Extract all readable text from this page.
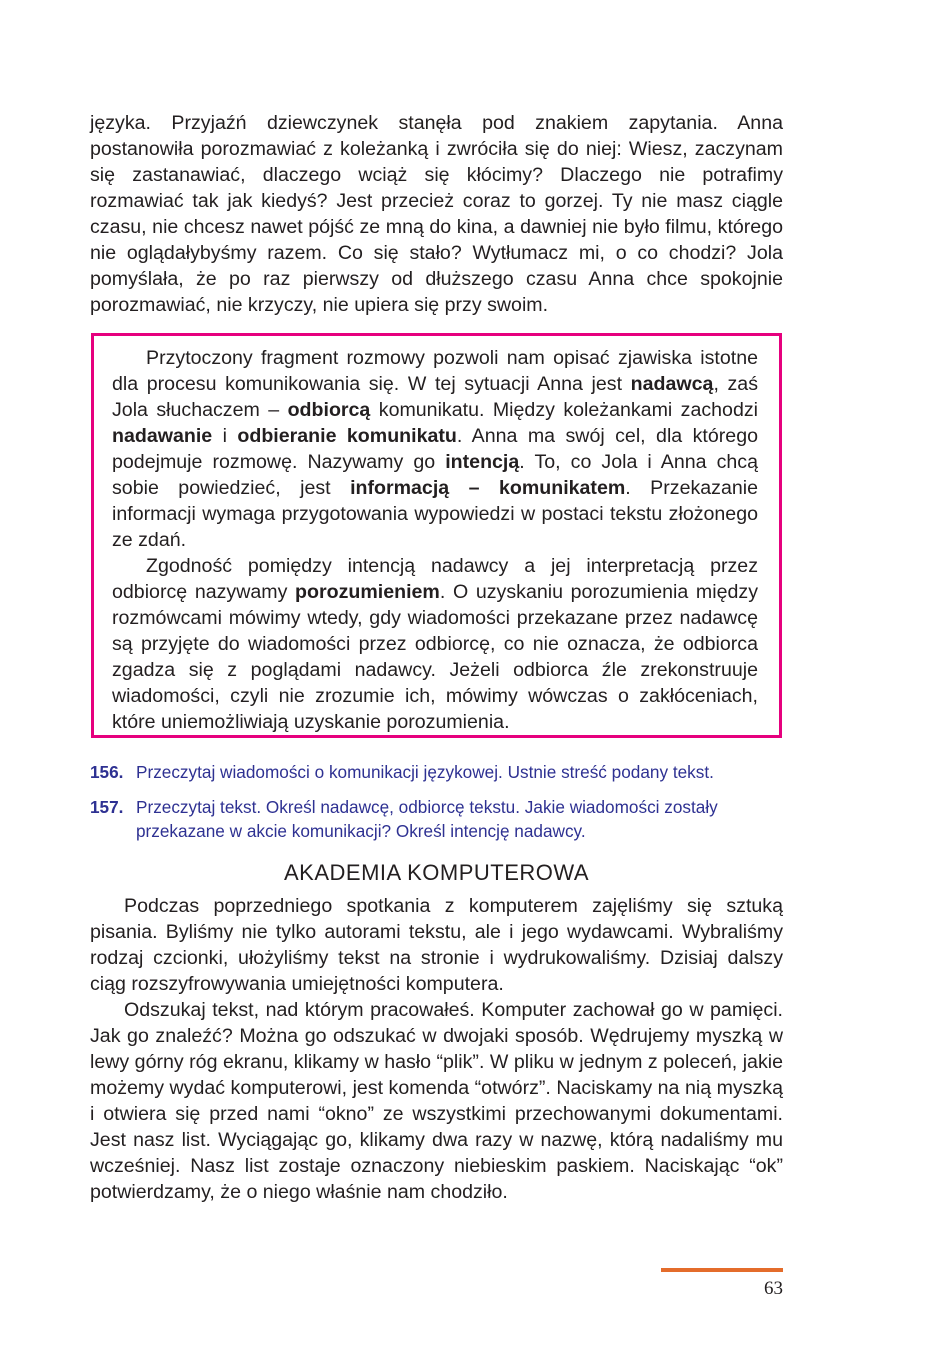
języka. Przyjaźń dziewczynek stanęła pod znakiem zapytania. Anna postanowiła porozmawiać z koleżanką i zwróciła się do niej: Wiesz, zaczynam się zastanawiać, dlaczego wciąż się kłócimy? Dlaczego nie potrafimy rozmawiać tak jak kiedyś? Jest przecież coraz to gorzej. Ty nie masz ciągle czasu, nie chcesz nawet pójść ze mną do kina, a dawniej nie było filmu, którego nie oglądałybyśmy razem. Co się stało? Wytłumacz mi, o co chodzi? Jola pomyślała, że po raz pierwszy od dłuższego czasu Anna chce spokojnie porozmawiać, nie krzyczy, nie upiera się przy swoim.

Przytoczony fragment rozmowy pozwoli nam opisać zjawiska istotne dla procesu komunikowania się. W tej sytuacji Anna jest nadawcą, zaś Jola słuchaczem – odbiorcą komunikatu. Między koleżankami zachodzi nadawanie i odbieranie komunikatu. Anna ma swój cel, dla którego podejmuje rozmowę. Nazywamy go intencją. To, co Jola i Anna chcą sobie powiedzieć, jest informacją – komunikatem. Przekazanie informacji wymaga przygotowania wypowiedzi w postaci tekstu złożonego ze zdań.

Zgodność pomiędzy intencją nadawcy a jej interpretacją przez odbiorcę nazywamy porozumieniem. O uzyskaniu porozumienia między rozmówcami mówimy wtedy, gdy wiadomości przekazane przez nadawcę są przyjęte do wiadomości przez odbiorcę, co nie oznacza, że odbiorca zgadza się z poglądami nadawcy. Jeżeli odbiorca źle zrekonstruuje wiadomości, czyli nie zrozumie ich, mówimy wówczas o zakłóceniach, które uniemożliwiają uzyskanie porozumienia.

156. Przeczytaj wiadomości o komunikacji językowej. Ustnie streść podany tekst.
157. Przeczytaj tekst. Określ nadawcę, odbiorcę tekstu. Jakie wiadomości zostały przekazane w akcie komunikacji? Określ intencję nadawcy.
AKADEMIA KOMPUTEROWA

Podczas poprzedniego spotkania z komputerem zajęliśmy się sztuką pisania. Byliśmy nie tylko autorami tekstu, ale i jego wydawcami. Wybraliśmy rodzaj czcionki, ułożyliśmy tekst na stronie i wydrukowaliśmy. Dzisiaj dalszy ciąg rozszyfrowywania umiejętności komputera.

Odszukaj tekst, nad którym pracowałeś. Komputer zachował go w pamięci. Jak go znaleźć? Można go odszukać w dwojaki sposób. Wędrujemy myszką w lewy górny róg ekranu, klikamy w hasło “plik”. W pliku w jednym z poleceń, jakie możemy wydać komputerowi, jest komenda “otwórz”. Naciskamy na nią myszką i otwiera się przed nami “okno” ze wszystkimi przechowanymi dokumentami. Jest nasz list. Wyciągając go, klikamy dwa razy w nazwę, którą nadaliśmy mu wcześniej. Nasz list zostaje oznaczony niebieskim paskiem. Naciskając “ok” potwierdzamy, że o niego właśnie nam chodziło.

63
